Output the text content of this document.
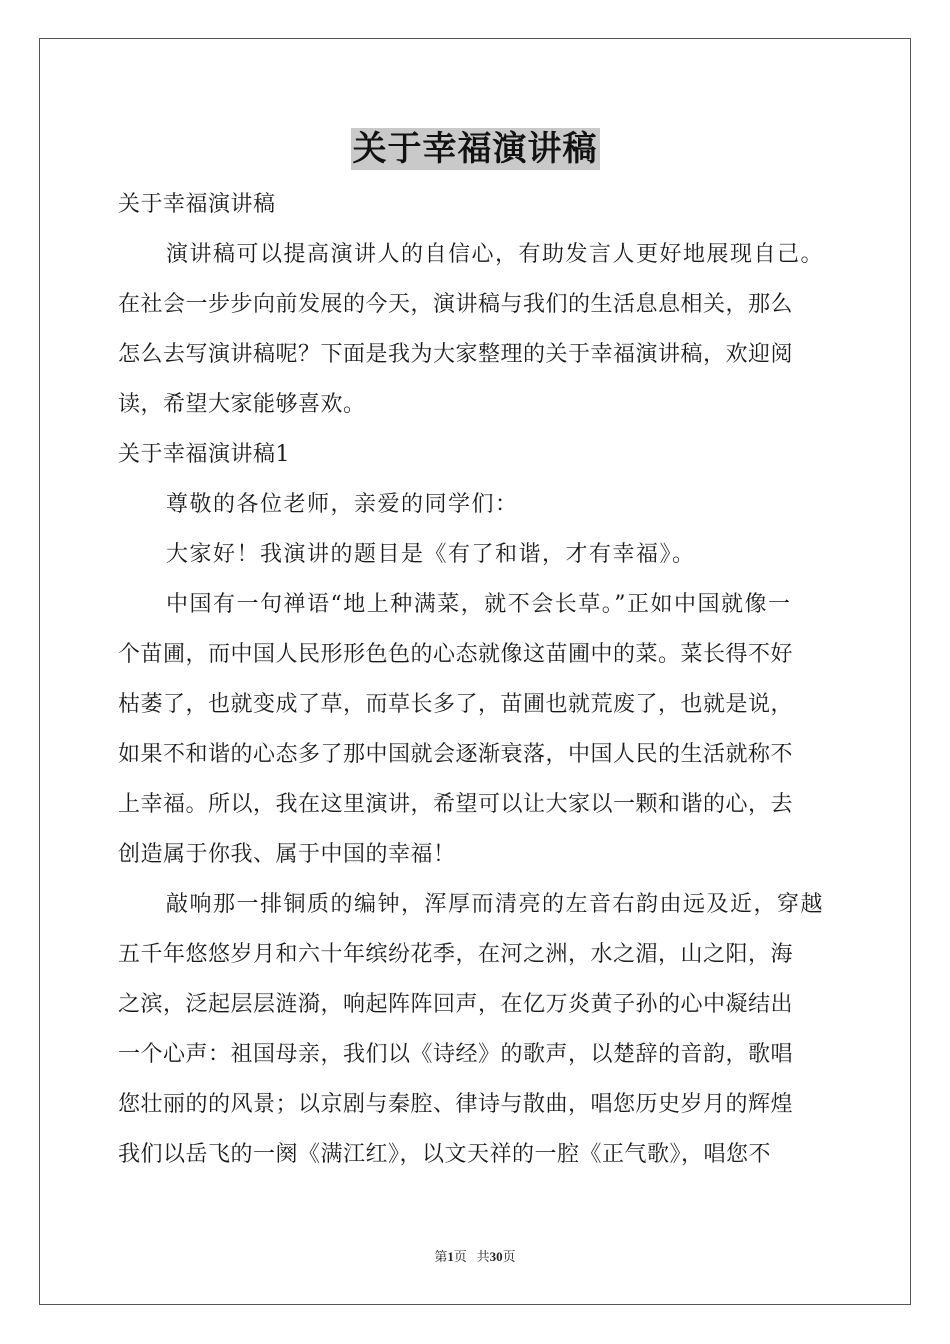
关于幸福演讲稿
关于幸福演讲稿
演讲稿可以提高演讲人的自信心，有助发言人更好地展现自己。
在社会一步步向前发展的今天，演讲稿与我们的生活息息相关，那么
怎么去写演讲稿呢？下面是我为大家整理的关于幸福演讲稿，欢迎阅
读，希望大家能够喜欢。
关于幸福演讲稿1
尊敬的各位老师，亲爱的同学们：
大家好！我演讲的题目是《有了和谐，才有幸福》。
中国有一句禅语“地上种满菜，就不会长草。”正如中国就像一
个苗圃，而中国人民形形色色的心态就像这苗圃中的菜。菜长得不好
枯萎了，也就变成了草，而草长多了，苗圃也就荒废了，也就是说，
如果不和谐的心态多了那中国就会逐渐衰落，中国人民的生活就称不
上幸福。所以，我在这里演讲，希望可以让大家以一颗和谐的心，去
创造属于你我、属于中国的幸福！
敲响那一排铜质的编钟，浑厚而清亮的左音右韵由远及近，穿越
五千年悠悠岁月和六十年缤纷花季，在河之洲，水之湄，山之阳，海
之滨，泛起层层涟漪，响起阵阵回声，在亿万炎黄子孙的心中凝结出
一个心声：祖国母亲，我们以《诗经》的歌声，以楚辞的音韵，歌唱
您壮丽的的风景；以京剧与秦腔、律诗与散曲，唱您历史岁月的辉煌
我们以岳飞的一阕《满江红》，以文天祥的一腔《正气歌》，唱您不
第1页 共30页
